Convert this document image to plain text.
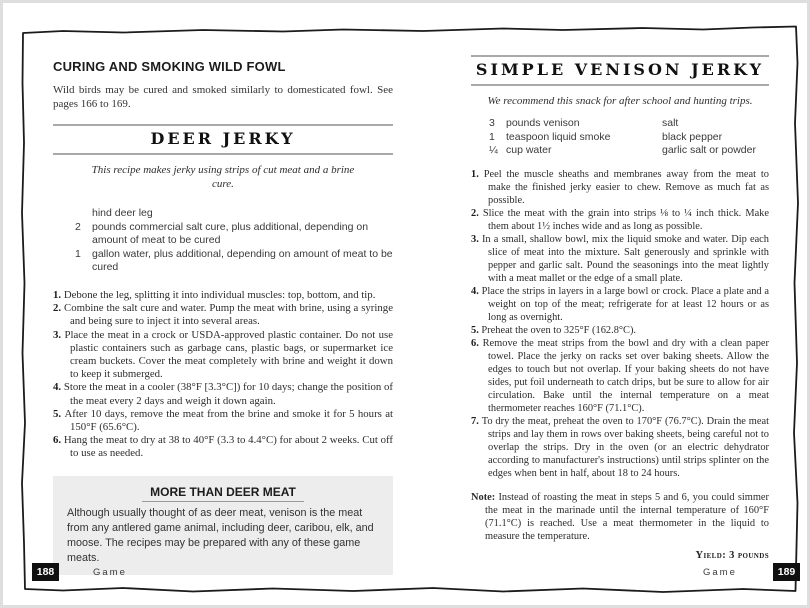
CURING AND SMOKING WILD FOWL
Wild birds may be cured and smoked similarly to domesticated fowl. See pages 166 to 169.
DEER JERKY
This recipe makes jerky using strips of cut meat and a brine cure.
hind deer leg
2	pounds commercial salt cure, plus additional, depending on amount of meat to be cured
1	gallon water, plus additional, depending on amount of meat to be cured
Debone the leg, splitting it into individual muscles: top, bottom, and tip.
Combine the salt cure and water. Pump the meat with brine, using a syringe and being sure to inject it into several areas.
Place the meat in a crock or USDA-approved plastic container. Do not use plastic containers such as garbage cans, plastic bags, or supermarket ice cream buckets. Cover the meat completely with brine and weight it down to keep it submerged.
Store the meat in a cooler (38°F [3.3°C]) for 10 days; change the position of the meat every 2 days and weigh it down again.
After 10 days, remove the meat from the brine and smoke it for 5 hours at 150°F (65.6°C).
Hang the meat to dry at 38 to 40°F (3.3 to 4.4°C) for about 2 weeks. Cut off to use as needed.
MORE THAN DEER MEAT
Although usually thought of as deer meat, venison is the meat from any antlered game animal, including deer, caribou, elk, and moose. The recipes may be prepared with any of these game meats.
SIMPLE VENISON JERKY
We recommend this snack for after school and hunting trips.
3	pounds venison	salt
1	teaspoon liquid smoke	black pepper
¼ cup water	garlic salt or powder
Peel the muscle sheaths and membranes away from the meat to make the finished jerky easier to chew. Remove as much fat as possible.
Slice the meat with the grain into strips ⅛ to ¼ inch thick. Make them about 1½ inches wide and as long as possible.
In a small, shallow bowl, mix the liquid smoke and water. Dip each slice of meat into the mixture. Salt generously and sprinkle with pepper and garlic salt. Pound the seasonings into the meat lightly with a meat mallet or the edge of a small plate.
Place the strips in layers in a large bowl or crock. Place a plate and a weight on top of the meat; refrigerate for at least 12 hours or as long as overnight.
Preheat the oven to 325°F (162.8°C).
Remove the meat strips from the bowl and dry with a clean paper towel. Place the jerky on racks set over baking sheets. Allow the edges to touch but not overlap. If your baking sheets do not have sides, put foil underneath to catch drips, but be sure to allow for air circulation. Bake until the internal temperature on a meat thermometer reaches 160°F (71.1°C).
To dry the meat, preheat the oven to 170°F (76.7°C). Drain the meat strips and lay them in rows over baking sheets, being careful not to overlap the strips. Dry in the oven (or an electric dehydrator according to manufacturer's instructions) until strips splinter on the edges when bent in half, about 18 to 24 hours.
Note: Instead of roasting the meat in steps 5 and 6, you could simmer the meat in the marinade until the internal temperature of 160°F (71.1°C) is reached. Use a meat thermometer in the liquid to measure the temperature.
Yield: 3 pounds
188	Game	Game	189
